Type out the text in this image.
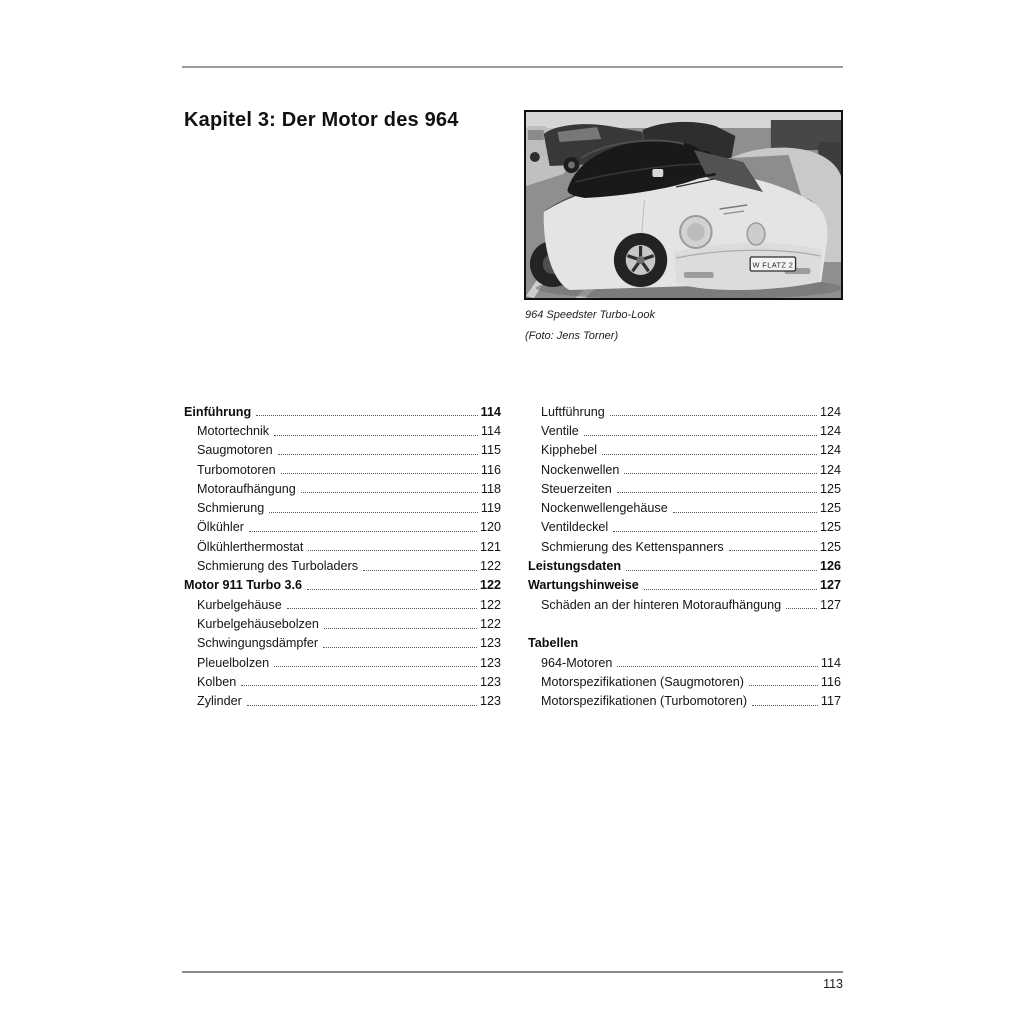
Kapitel 3: Der Motor des 964
W FLATZ 2
964 Speedster Turbo-Look
(Foto: Jens Torner)
Einführung	114
Motortechnik	114
Saugmotoren	115
Turbomotoren	116
Motoraufhängung	118
Schmierung	119
Ölkühler	120
Ölkühlerthermostat	121
Schmierung des Turboladers	122
Motor 911 Turbo 3.6	122
Kurbelgehäuse	122
Kurbelgehäusebolzen	122
Schwingungsdämpfer	123
Pleuelbolzen	123
Kolben	123
Zylinder	123
Luftführung	124
Ventile	124
Kipphebel	124
Nockenwellen	124
Steuerzeiten	125
Nockenwellengehäuse	125
Ventildeckel	125
Schmierung des Kettenspanners	125
Leistungsdaten	126
Wartungshinweise	127
Schäden an der hinteren Motoraufhängung	127
Tabellen
964-Motoren	114
Motorspezifikationen (Saugmotoren)	116
Motorspezifikationen (Turbomotoren)	117
113
